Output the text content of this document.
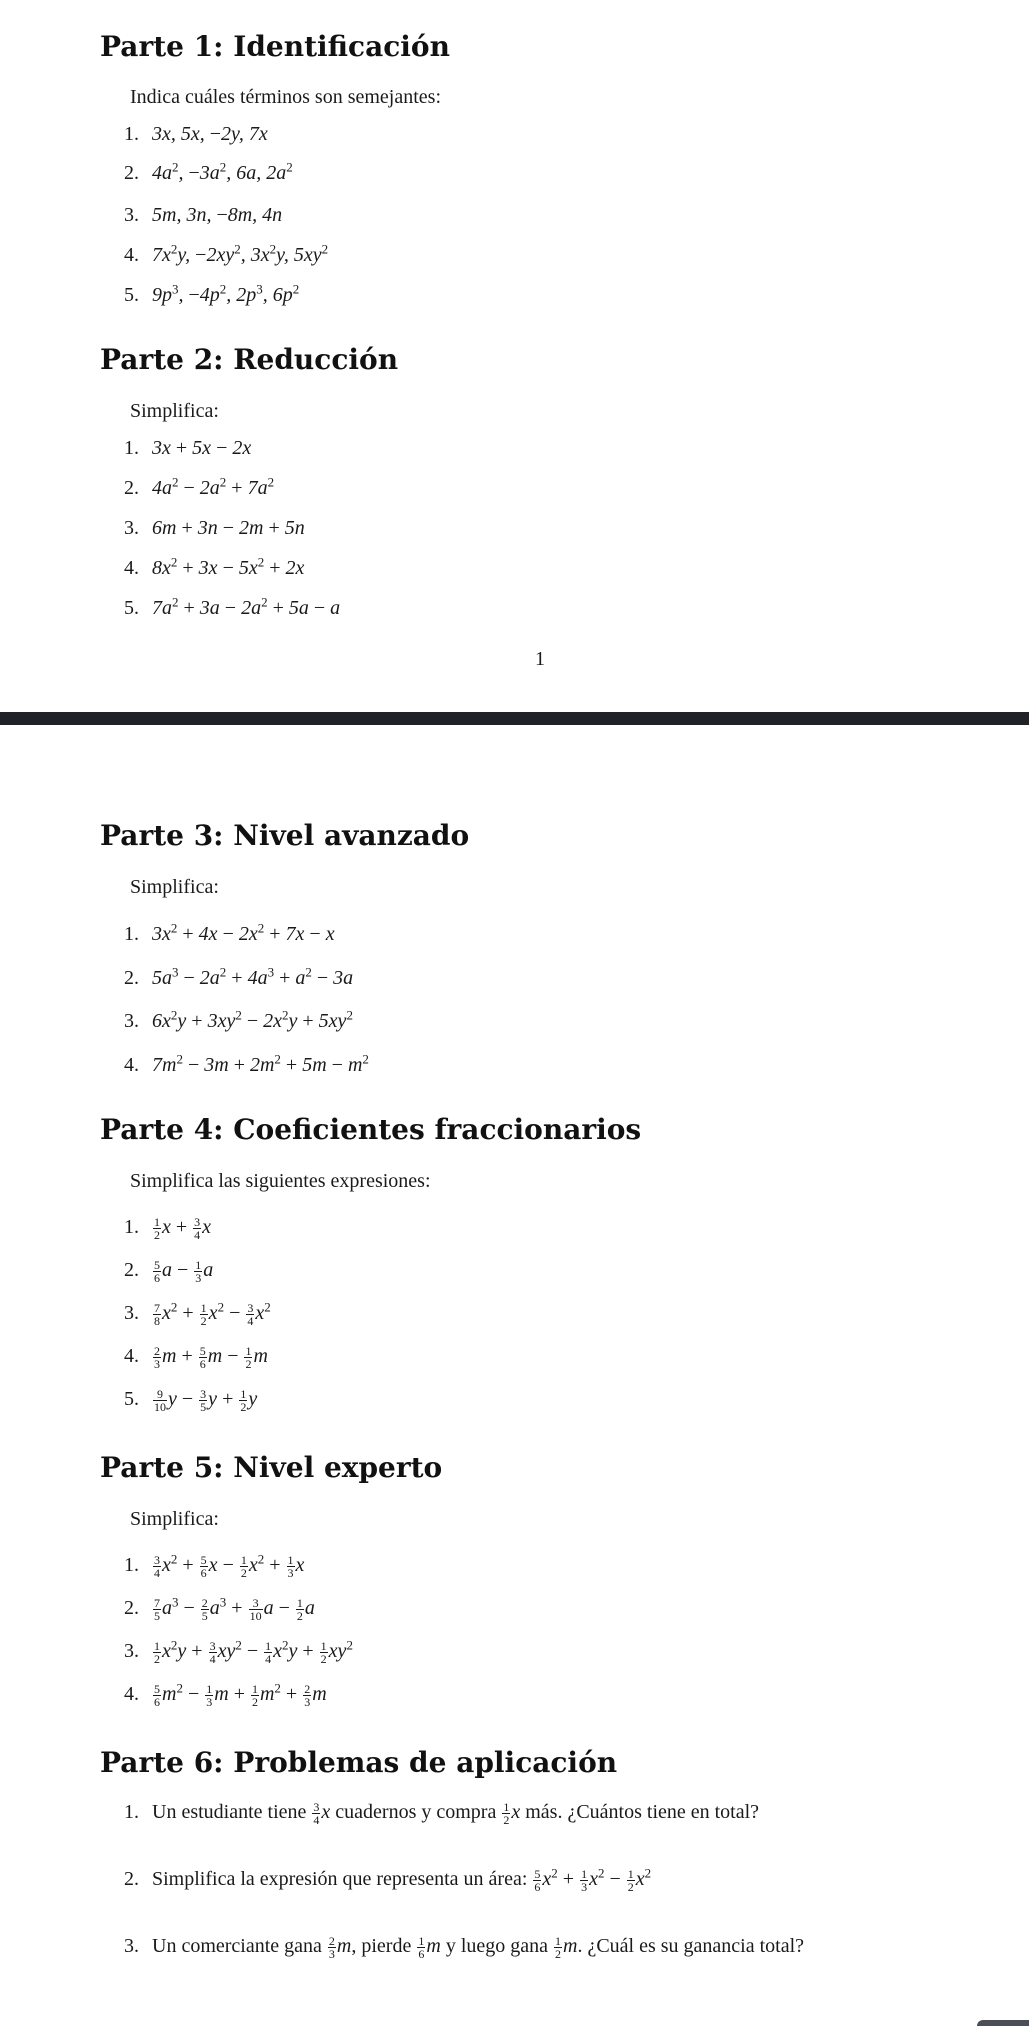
Parte 1: Identificación

Indica cuáles términos son semejantes:

1. 3x, 5x, −2y, 7x
2. $4a^2$, $-3a^2$, 6a, $2a^2$
3. 5m, 3n, −8m, 4n
4. $7x^2y$, $-2xy^2$, $3x^2y$, $5xy^2$
5. $9p^3$, $-4p^2$, $2p^3$, $6p^2$
Parte 2: Reducción

Simplifica:

1. 3x + 5x − 2x
2. $4a^2 - 2a^2 + 7a^2$
3. 6m + 3n − 2m + 5n
4. $8x^2 + 3x - 5x^2 + 2x$
5. $7a^2 + 3a - 2a^2 + 5a - a$
1
Parte 3: Nivel avanzado

Simplifica:

1. $3x^2 + 4x - 2x^2 + 7x - x$
2. $5a^3 - 2a^2 + 4a^3 + a^2 - 3a$
3. $6x^2y + 3xy^2 - 2x^2y + 5xy^2$
4. $7m^2 - 3m + 2m^2 + 5m - m^2$
Parte 4: Coeficientes fraccionarios

Simplifica las siguientes expresiones:

1. $\frac{1}{2}$ $x + \frac{3}{4}$ x
2. $\frac{5}{6}$ $a - \frac{1}{3}$ a
3. $\frac{7}{8} x^2 + \frac{1}{2} x^2 - \frac{3}{4} x^2$
4. $\frac{2}{3}$ $m + \frac{5}{6}$ $m - \frac{1}{2}$ m
5. $\frac{9}{10}$ $y - \frac{3}{5}$ $y + \frac{1}{2}$ y
Parte 5: Nivel experto

Simplifica:

1. $\frac{3}{4} x^2 + \frac{5}{6}$ $x - \frac{1}{2} x^2 + \frac{1}{3}$ x
2. $\frac{7}{5} a^3 - \frac{2}{5} a^3 + \frac{3}{10}$ $a - \frac{1}{2}$ a
3. $\frac{1}{2} x^2y + \frac{3}{4} xy^2 - \frac{1}{4} x^2y + \frac{1}{2} xy^2$
4. $\frac{5}{6} m^2 - \frac{1}{3}$ $m + \frac{1}{2} m^2 + \frac{2}{3}$ m
Parte 6: Problemas de aplicación
1. Un estudiante tiene $\frac{3}{4}$ x cuadernos y compra $\frac{1}{2}$ x más. ¿Cuántos tiene en total?
2. Simplifica la expresión que representa un área: $\frac{5}{6} x^2 + \frac{1}{3} x^2 - \frac{1}{2} x^2$
3. Un comerciante gana $\frac{2}{3} m$, pierde $\frac{1}{6}$ m y luego gana $\frac{1}{2} m$. ¿Cuál es su ganancia total?
